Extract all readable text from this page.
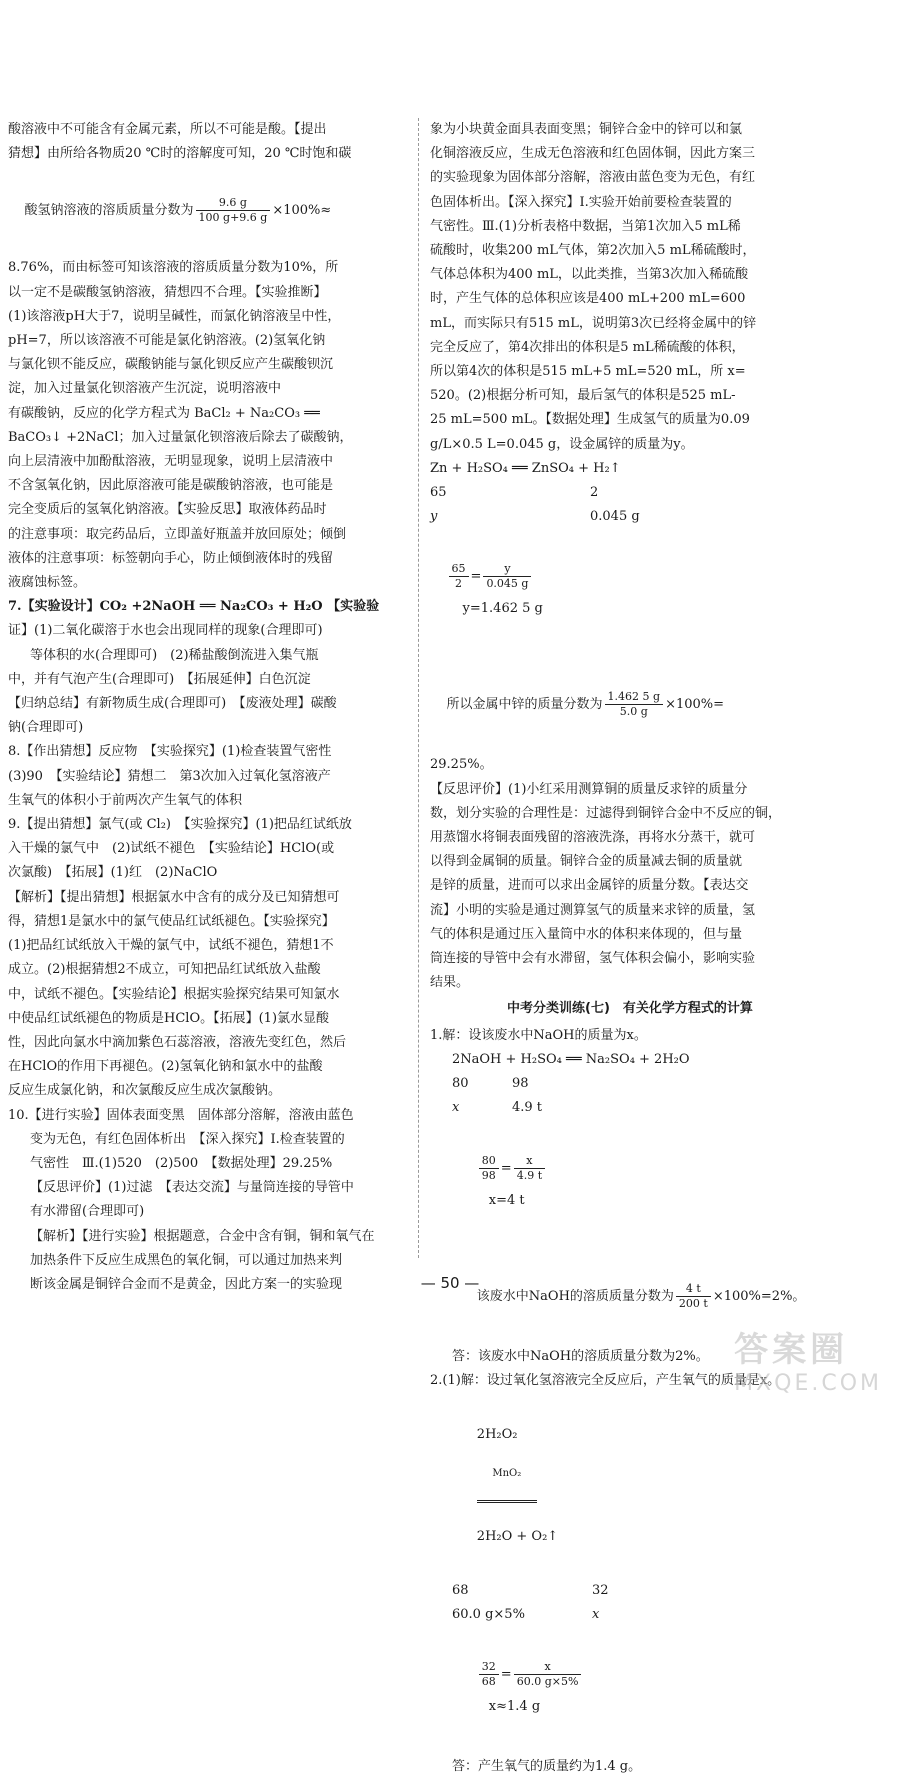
酸溶液中不可能含有金属元素，所以不可能是酸。【提出
猜想】由所给各物质20 ℃时的溶解度可知，20 ℃时饱和碳

酸氢钠溶液的溶质质量分数为 $\frac{9.6 g}{100 g+9.6 g} \times 100\%\approx$

8.76%，而由标签可知该溶液的溶质质量分数为10%，所
以一定不是碳酸氢钠溶液，猜想四不合理。【实验推断】
(1)该溶液pH大于7，说明呈碱性，而氯化钠溶液呈中性，
pH=7，所以该溶液不可能是氯化钠溶液。(2)氢氧化钠
与氯化钡不能反应，碳酸钠能与氯化钡反应产生碳酸钡沉
淀，加入过量氯化钡溶液产生沉淀，说明溶液中
有碳酸钠，反应的化学方程式为 BaCl₂ + Na₂CO₃ ══
BaCO₃↓ +2NaCl；加入过量氯化钡溶液后除去了碳酸钠，
向上层清液中加酚酞溶液，无明显现象，说明上层清液中
不含氢氧化钠，因此原溶液可能是碳酸钠溶液，也可能是
完全变质后的氢氧化钠溶液。【实验反思】取液体药品时
的注意事项：取完药品后，立即盖好瓶盖并放回原处；倾倒
液体的注意事项：标签朝向手心，防止倾倒液体时的残留
液腐蚀标签。
7.【实验设计】CO₂ +2NaOH ══ Na₂CO₃ + H₂O 【实验验
证】(1)二氧化碳溶于水也会出现同样的现象(合理即可)
等体积的水(合理即可)　(2)稀盐酸倒流进入集气瓶
中，并有气泡产生(合理即可)　【拓展延伸】白色沉淀
【归纳总结】有新物质生成(合理即可)　【废液处理】碳酸
钠(合理即可)
8.【作出猜想】反应物　【实验探究】(1)检查装置气密性
(3)90　【实验结论】猜想二　第3次加入过氧化氢溶液产
生氧气的体积小于前两次产生氧气的体积
9.【提出猜想】氯气(或 Cl₂)　【实验探究】(1)把品红试纸放
入干燥的氯气中　(2)试纸不褪色　【实验结论】HClO(或
次氯酸)　【拓展】(1)红　(2)NaClO
【解析】【提出猜想】根据氯水中含有的成分及已知猜想可
得，猜想1是氯水中的氯气使品红试纸褪色。【实验探究】
(1)把品红试纸放入干燥的氯气中，试纸不褪色，猜想1不
成立。(2)根据猜想2不成立，可知把品红试纸放入盐酸
中，试纸不褪色。【实验结论】根据实验探究结果可知氯水
中使品红试纸褪色的物质是HClO。【拓展】(1)氯水显酸
性，因此向氯水中滴加紫色石蕊溶液，溶液先变红色，然后
在HClO的作用下再褪色。(2)氢氧化钠和氯水中的盐酸
反应生成氯化钠，和次氯酸反应生成次氯酸钠。
10.【进行实验】固体表面变黑　固体部分溶解，溶液由蓝色
变为无色，有红色固体析出　【深入探究】Ⅰ.检查装置的
气密性　Ⅲ.(1)520　(2)500　【数据处理】29.25%
【反思评价】(1)过滤　【表达交流】与量筒连接的导管中
有水滞留(合理即可)
【解析】【进行实验】根据题意，合金中含有铜，铜和氧气在
加热条件下反应生成黑色的氧化铜，可以通过加热来判
断该金属是铜锌合金而不是黄金，因此方案一的实验现
象为小块黄金面具表面变黑；铜锌合金中的锌可以和氯
化铜溶液反应，生成无色溶液和红色固体铜，因此方案三
的实验现象为固体部分溶解，溶液由蓝色变为无色，有红
色固体析出。【深入探究】Ⅰ.实验开始前要检查装置的
气密性。Ⅲ.(1)分析表格中数据，当第1次加入5 mL稀
硫酸时，收集200 mL气体，第2次加入5 mL稀硫酸时，
气体总体积为400 mL，以此类推，当第3次加入稀硫酸
时，产生气体的总体积应该是400 mL+200 mL=600
mL，而实际只有515 mL，说明第3次已经将金属中的锌
完全反应了，第4次排出的体积是5 mL稀硫酸的体积，
所以第4次的体积是515 mL+5 mL=520 mL，所 x=
520。(2)根据分析可知，最后氢气的体积是525 mL-
25 mL=500 mL。【数据处理】生成氢气的质量为0.09
g/L×0.5 L=0.045 g，设金属锌的质量为y。
Zn + H₂SO₄ ══ ZnSO₄ + H₂↑
65	2
y	0.045 g

$\frac{65}{2} = \frac{y}{0.045 g}$

y=1.462 5 g

所以金属中锌的质量分数为 $\frac{1.462 5 g}{5.0 g} \times 100\%=$

29.25%。
【反思评价】(1)小红采用测算铜的质量反求锌的质量分
数，划分实验的合理性是：过滤得到铜锌合金中不反应的铜，
用蒸馏水将铜表面残留的溶液洗涤，再将水分蒸干，就可
以得到金属铜的质量。铜锌合金的质量减去铜的质量就
是锌的质量，进而可以求出金属锌的质量分数。【表达交
流】小明的实验是通过测算氢气的质量来求锌的质量，氢
气的体积是通过压入量筒中水的体积来体现的，但与量
筒连接的导管中会有水滞留，氢气体积会偏小，影响实验
结果。
中考分类训练(七)　有关化学方程式的计算
1.解：设该废水中NaOH的质量为x。
2NaOH + H₂SO₄ ══ Na₂SO₄ + 2H₂O
80	98
x	4.9 t

$\frac{80}{98} = \frac{x}{4.9 t}$

x=4 t

该废水中NaOH的溶质质量分数为 $\frac{4 t}{200 t} \times 100\%=2\%$。

答：该废水中NaOH的溶质质量分数为2%。
2.(1)解：设过氧化氢溶液完全反应后，产生氧气的质量是x。

2H₂O₂

MnO₂

2H₂O + O₂↑

68	32
60.0 g×5%	x

$\frac{32}{68} = \frac{x}{60.0 g\times 5\%}$

x≈1.4 g

答：产生氧气的质量约为1.4 g。
— 50 —
答案圈
MXQE.COM
